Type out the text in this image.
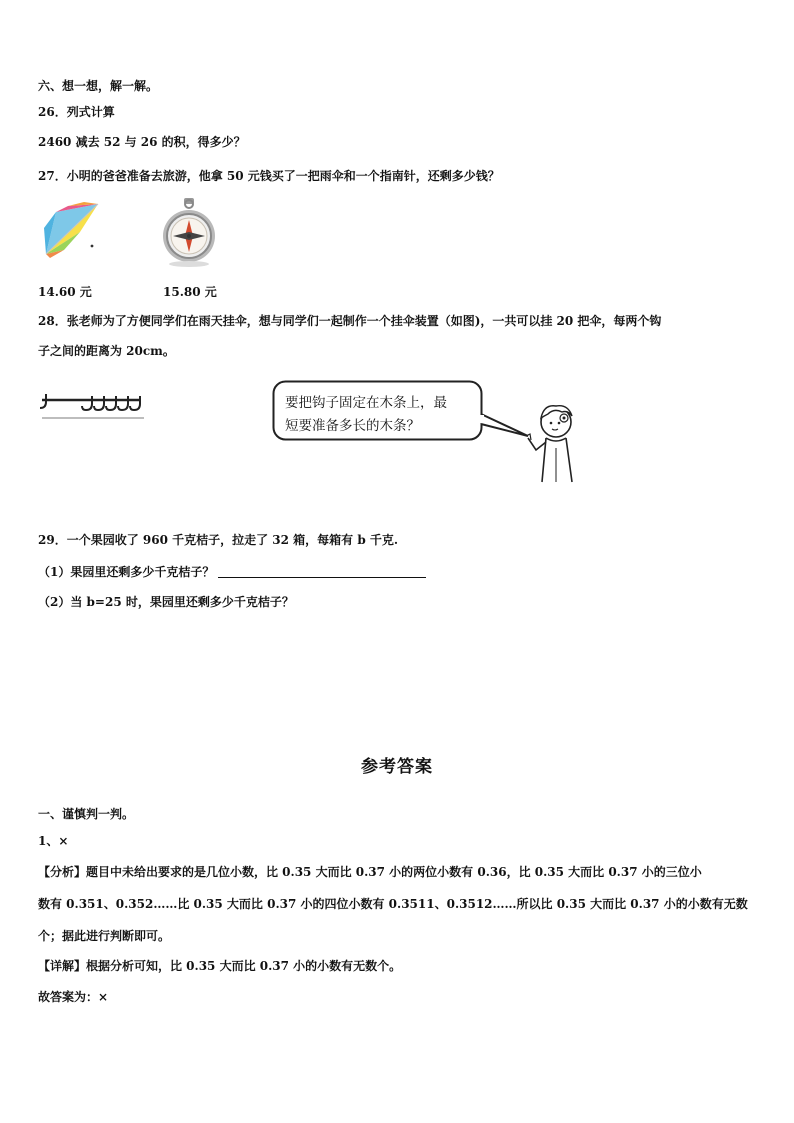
六、想一想，解一解。
26．列式计算
2460 减去 52 与 26 的积，得多少？
27．小明的爸爸准备去旅游，他拿 50 元钱买了一把雨伞和一个指南针，还剩多少钱？
14.60 元	15.80 元
28．张老师为了方便同学们在雨天挂伞，想与同学们一起制作一个挂伞装置（如图)，一共可以挂 20 把伞，每两个钩
子之间的距离为 20cm。
要把钩子固定在木条上，最
短要准备多长的木条？
29．一个果园收了 960 千克桔子，拉走了 32 箱，每箱有 b 千克.
（1）果园里还剩多少千克桔子？
（2）当 b=25 时，果园里还剩多少千克桔子？
参考答案
一、谨慎判一判。
1、×
【分析】题目中未给出要求的是几位小数，比 0.35 大而比 0.37 小的两位小数有 0.36，比 0.35 大而比 0.37 小的三位小
数有 0.351、0.352……比 0.35 大而比 0.37 小的四位小数有 0.3511、0.3512……所以比 0.35 大而比 0.37 小的小数有无数
个；据此进行判断即可。
【详解】根据分析可知，比 0.35 大而比 0.37 小的小数有无数个。
故答案为：×
